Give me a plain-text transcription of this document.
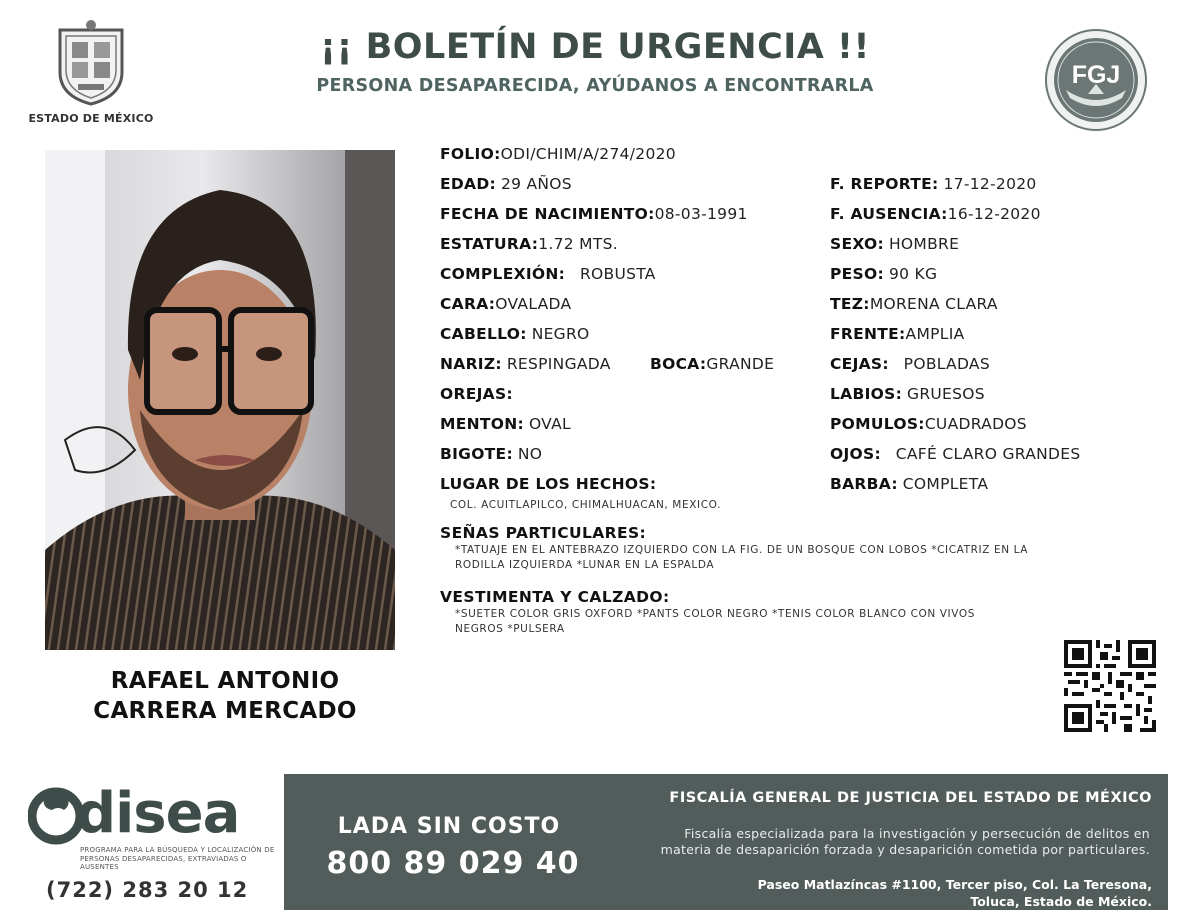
ESTADO DE MÉXICO
¡¡ BOLETÍN DE URGENCIA !!
PERSONA DESAPARECIDA, AYÚDANOS A ENCONTRARLA	FGJ
RAFAEL ANTONIO
CARRERA MERCADO
FOLIO:ODI/CHIM/A/274/2020
EDAD: 29 AÑOS
FECHA DE NACIMIENTO:08-03-1991
ESTATURA:1.72 MTS.
COMPLEXIÓN: ROBUSTA
CARA:OVALADA
CABELLO: NEGRO
NARIZ: RESPINGADA	BOCA:GRANDE
OREJAS:
MENTON: OVAL
BIGOTE: NO
LUGAR DE LOS HECHOS:
COL. ACUITLAPILCO, CHIMALHUACAN, MEXICO.
F. REPORTE: 17-12-2020
F. AUSENCIA:16-12-2020
SEXO: HOMBRE
PESO: 90 KG
TEZ:MORENA CLARA
FRENTE:AMPLIA
CEJAS: POBLADAS
LABIOS: GRUESOS
POMULOS:CUADRADOS
OJOS: CAFÉ CLARO GRANDES
BARBA: COMPLETA
SEÑAS PARTICULARES:
*TATUAJE EN EL ANTEBRAZO IZQUIERDO CON LA FIG. DE UN BOSQUE CON LOBOS *CICATRIZ EN LA
RODILLA IZQUIERDA *LUNAR EN LA ESPALDA
VESTIMENTA Y CALZADO:
*SUETER COLOR GRIS OXFORD *PANTS COLOR NEGRO *TENIS COLOR BLANCO CON VIVOS
NEGROS *PULSERA
disea
PROGRAMA PARA LA BÚSQUEDA Y LOCALIZACIÓN DE PERSONAS DESAPARECIDAS, EXTRAVIADAS O AUSENTES
(722) 283 20 12
LADA SIN COSTO
800 89 029 40
FISCALÍA GENERAL DE JUSTICIA DEL ESTADO DE MÉXICO
Fiscalía especializada para la investigación y persecución de delitos en
materia de desaparición forzada y desaparición cometida por particulares.
Paseo Matlazíncas #1100, Tercer piso, Col. La Teresona,
Toluca, Estado de México.
